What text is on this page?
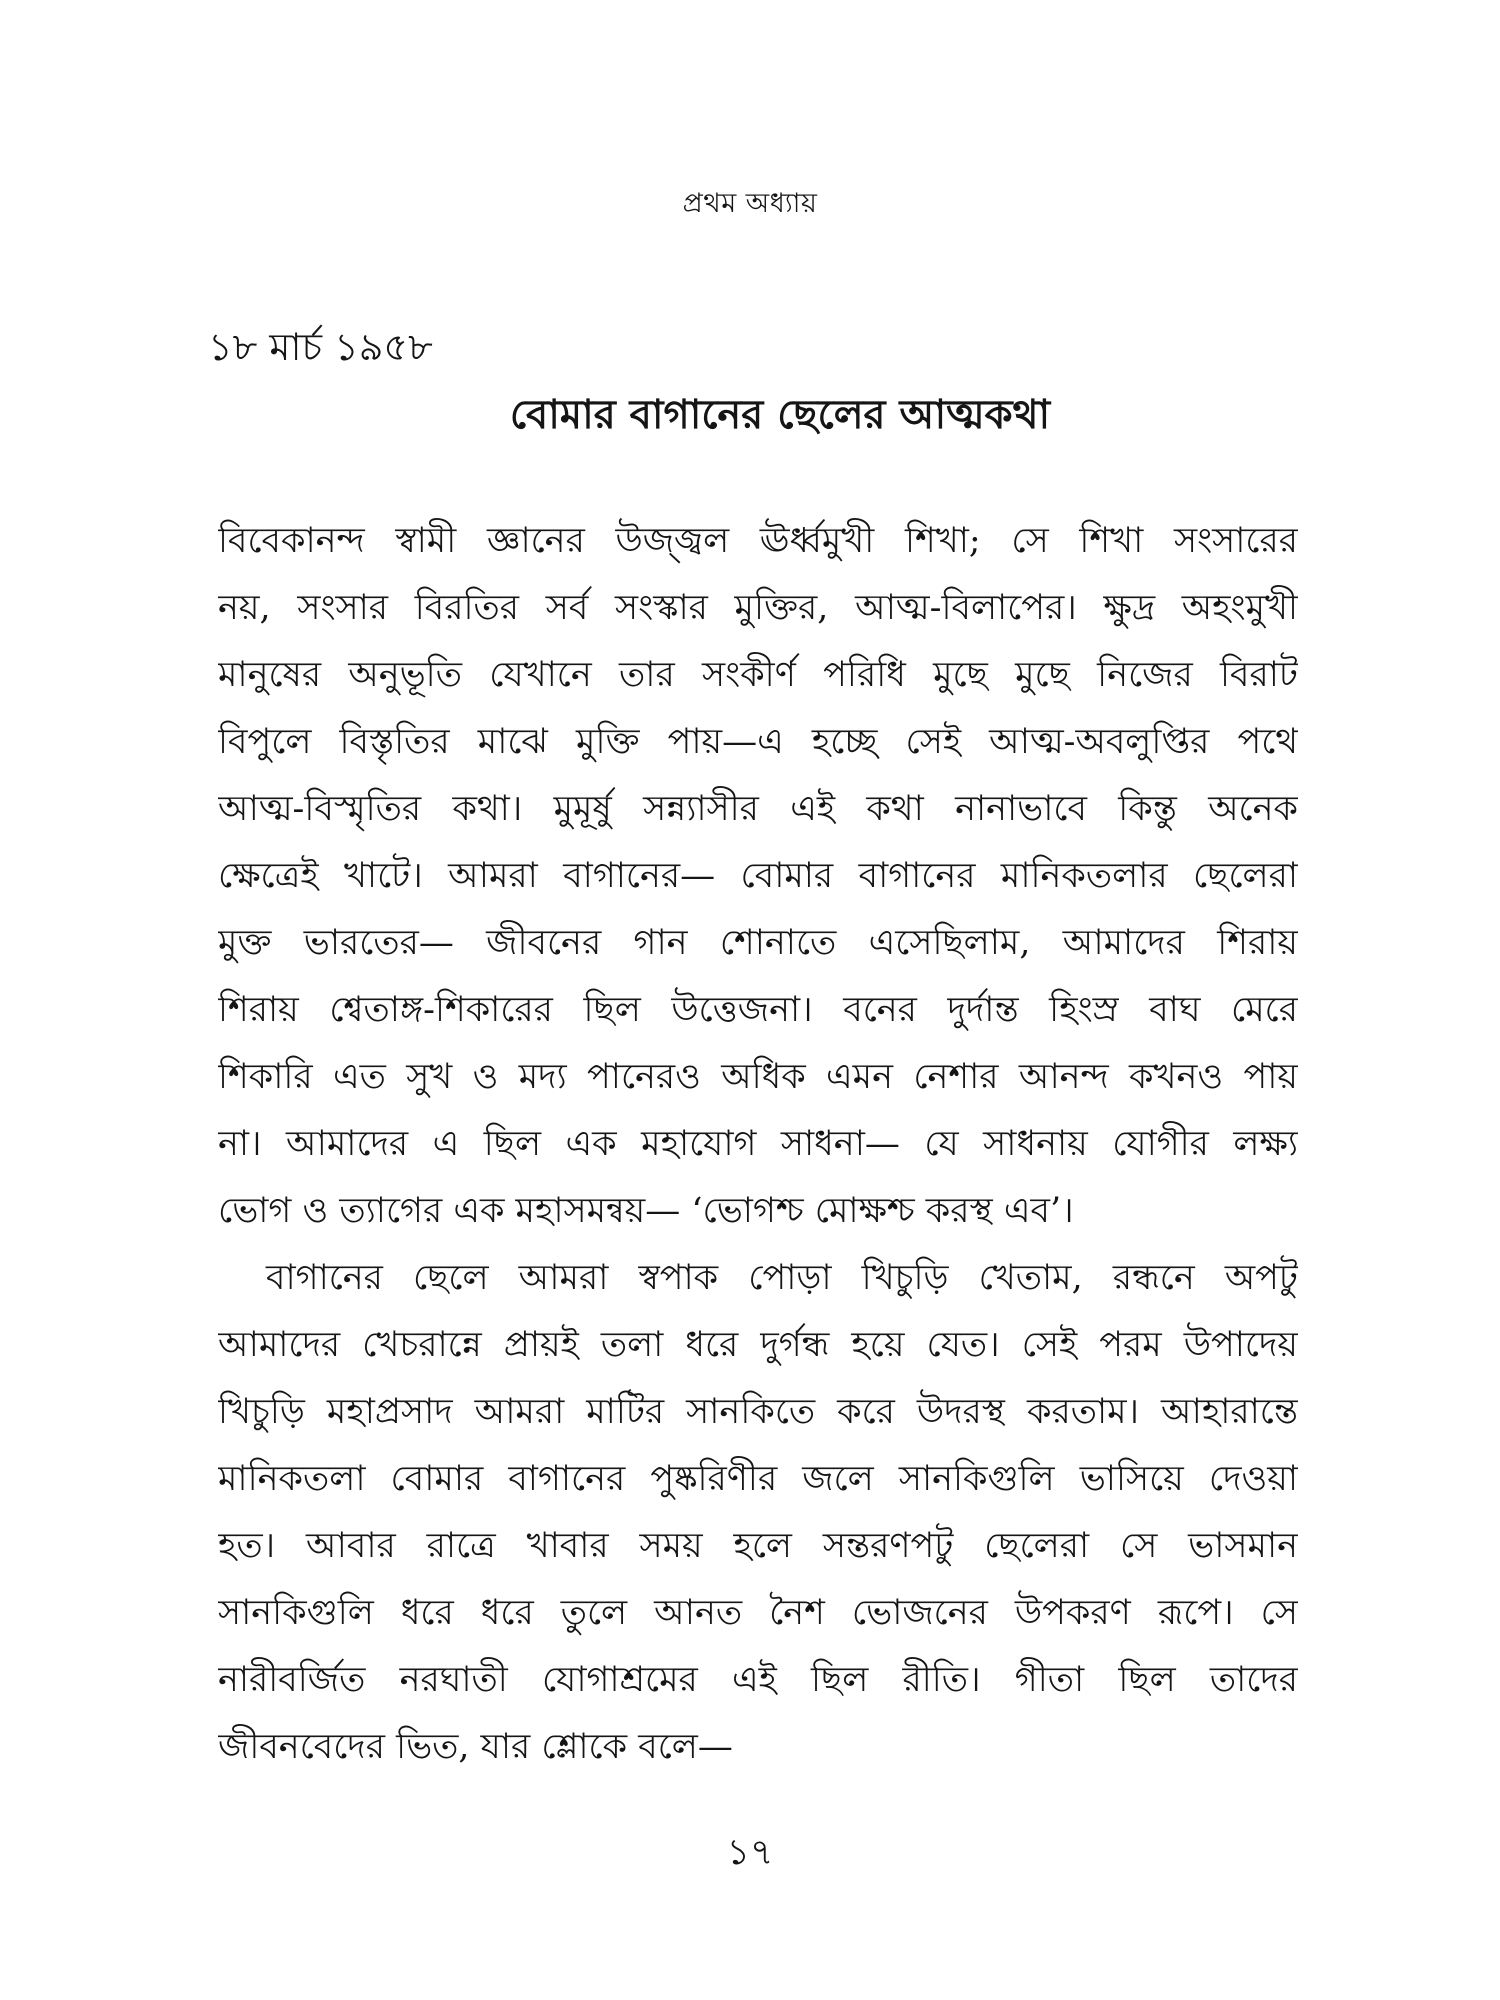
প্রথম অধ্যায়
১৮ মার্চ ১৯৫৮
বোমার বাগানের ছেলের আত্মকথা
বিবেকানন্দ স্বামী জ্ঞানের উজ্জ্বল ঊর্ধ্বমুখী শিখা; সে শিখা সংসারের
নয়, সংসার বিরতির সর্ব সংস্কার মুক্তির, আত্ম-বিলাপের। ক্ষুদ্র অহংমুখী
মানুষের অনুভূতি যেখানে তার সংকীর্ণ পরিধি মুছে মুছে নিজের বিরাট
বিপুলে বিস্তৃতির মাঝে মুক্তি পায়—এ হচ্ছে সেই আত্ম-অবলুপ্তির পথে
আত্ম-বিস্মৃতির কথা। মুমূর্ষু সন্ন্যাসীর এই কথা নানাভাবে কিন্তু অনেক
ক্ষেত্রেই খাটে। আমরা বাগানের— বোমার বাগানের মানিকতলার ছেলেরা
মুক্ত ভারতের— জীবনের গান শোনাতে এসেছিলাম, আমাদের শিরায়
শিরায় শ্বেতাঙ্গ-শিকারের ছিল উত্তেজনা। বনের দুর্দান্ত হিংস্র বাঘ মেরে
শিকারি এত সুখ ও মদ্য পানেরও অধিক এমন নেশার আনন্দ কখনও পায়
না। আমাদের এ ছিল এক মহাযোগ সাধনা— যে সাধনায় যোগীর লক্ষ্য
ভোগ ও ত্যাগের এক মহাসমন্বয়— ‘ভোগশ্চ মোক্ষশ্চ করস্থ এব’।
বাগানের ছেলে আমরা স্বপাক পোড়া খিচুড়ি খেতাম, রন্ধনে অপটু
আমাদের খেচরান্নে প্রায়ই তলা ধরে দুর্গন্ধ হয়ে যেত। সেই পরম উপাদেয়
খিচুড়ি মহাপ্রসাদ আমরা মাটির সানকিতে করে উদরস্থ করতাম। আহারান্তে
মানিকতলা বোমার বাগানের পুষ্করিণীর জলে সানকিগুলি ভাসিয়ে দেওয়া
হত। আবার রাত্রে খাবার সময় হলে সন্তরণপটু ছেলেরা সে ভাসমান
সানকিগুলি ধরে ধরে তুলে আনত নৈশ ভোজনের উপকরণ রূপে। সে
নারীবর্জিত নরঘাতী যোগাশ্রমের এই ছিল রীতি। গীতা ছিল তাদের
জীবনবেদের ভিত, যার শ্লোকে বলে—
১৭
